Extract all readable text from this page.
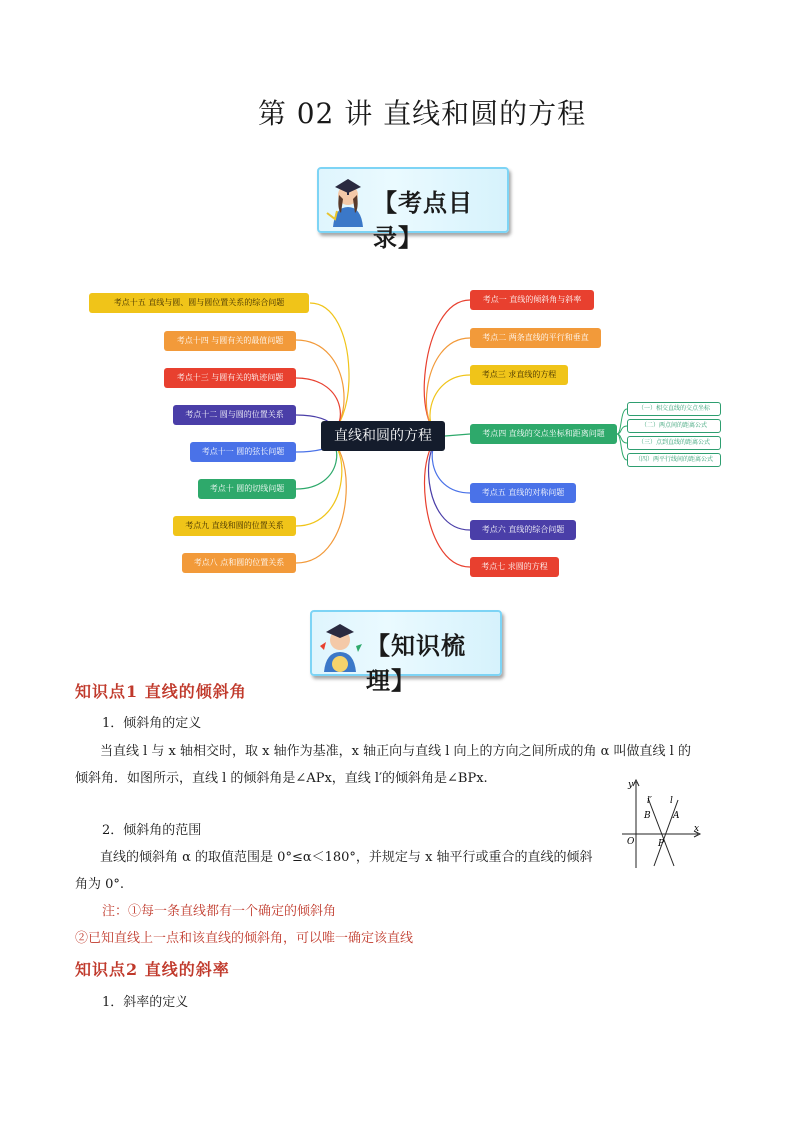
第 02 讲 直线和圆的方程
【考点目录】
考点十五 直线与圆、圆与圆位置关系的综合问题
考点十四 与圆有关的最值问题
考点十三 与圆有关的轨迹问题
考点十二 圆与圆的位置关系
考点十一 圆的弦长问题
考点十 圆的切线问题
考点九 直线和圆的位置关系
考点八 点和圆的位置关系
直线和圆的方程
考点一 直线的倾斜角与斜率
考点二 两条直线的平行和垂直
考点三 求直线的方程
考点四 直线的交点坐标和距离问题
考点五 直线的对称问题
考点六 直线的综合问题
考点七 求圆的方程
（一）相交直线的交点坐标
（二）两点间的距离公式
（三）点到直线的距离公式
（四）两平行线间的距离公式
【知识梳理】
知识点1 直线的倾斜角
1．倾斜角的定义
当直线 l 与 x 轴相交时，取 x 轴作为基准，x 轴正向与直线 l 向上的方向之间所成的角 α 叫做直线 l 的
倾斜角．如图所示，直线 l 的倾斜角是∠APx，直线 l′的倾斜角是∠BPx.
2．倾斜角的范围
直线的倾斜角 α 的取值范围是 0°≤α＜180°，并规定与 x 轴平行或重合的直线的倾斜
角为 0°.
注：①每一条直线都有一个确定的倾斜角
②已知直线上一点和该直线的倾斜角，可以唯一确定该直线
知识点2 直线的斜率
1．斜率的定义
y
x
O
l′ l
B A
P
